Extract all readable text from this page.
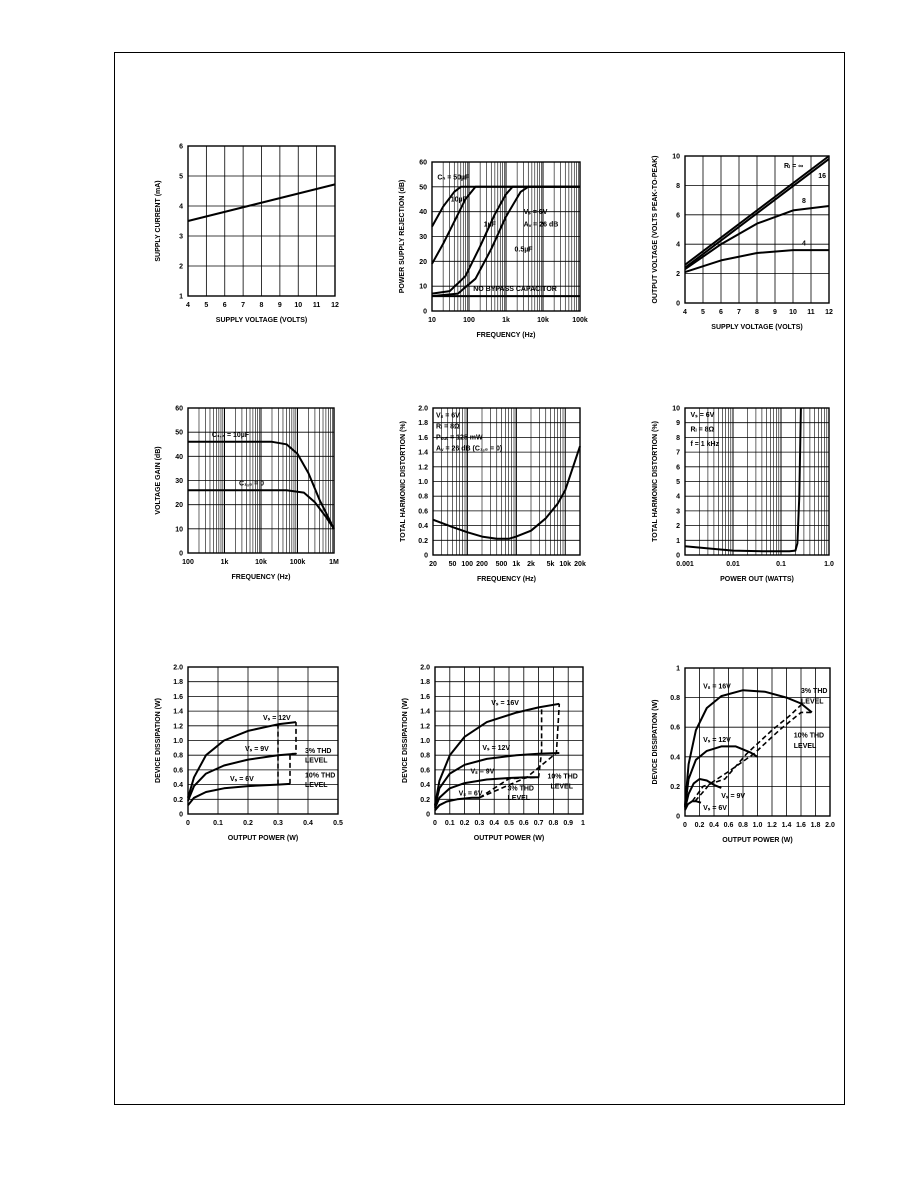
4 5 6 7 8 9 10 11 12
1
2
3
4
5
6
SUPPLY VOLTAGE (VOLTS)
SUPPLY CURRENT (mA)
10	100	1k	10k	100k
0
10
20
30
40
50
60
FREQUENCY (Hz)
POWER SUPPLY REJECTION (dB)
Cₙ = 50µF
10µF
1µF
Vₛ = 6V
Aᵥ = 26 dB
0.5µF
NO BYPASS CAPACITOR
4 5 6 7 8 9 10 11 12
0
2
4
6
8
10
SUPPLY VOLTAGE (VOLTS)
OUTPUT VOLTAGE (VOLTS PEAK-TO-PEAK)	Rₗ = ∞
16
8
4
100	1k	10k	100k	1M
0
10
20
30
40
50
60
FREQUENCY (Hz)
VOLTAGE GAIN (dB)
C₁,₈ = 10µF
C₁,₈ = 0
20 50 100 200 500 1k 2k 5k 10k 20k
0
0.2
0.4
0.6
0.8
1.0
1.2
1.4
1.6
1.8
2.0
FREQUENCY (Hz)
TOTAL HARMONIC DISTORTION (%)
Vₛ = 6V
Rₗ = 8Ω
Pₒᵤₜ = 125 mW
Aᵥ = 26 dB (C₁,₈ = 0)
0.001	0.01	0.1	1.0
0
1
2
3
4
5
6
7
8
9
10
POWER OUT (WATTS)
TOTAL HARMONIC DISTORTION (%)
Vₛ = 6V
Rₗ = 8Ω
f = 1 kHz
0	0.1	0.2	0.3	0.4	0.5
0
0.2
0.4
0.6
0.8
1.0
1.2
1.4
1.6
1.8
2.0
OUTPUT POWER (W)
DEVICE DISSIPATION (W)	Vₛ = 12V
Vₛ = 9V
Vₛ = 6V
3% THD
LEVEL
10% THD
LEVEL
0 0.1 0.2 0.3 0.4 0.5 0.6 0.7 0.8 0.9 1
0
0.2
0.4
0.6
0.8
1.0
1.2
1.4
1.6
1.8
2.0
OUTPUT POWER (W)
DEVICE DISSIPATION (W)	Vₛ = 16V
Vₛ = 12V
Vₛ = 9V
Vₛ = 6V
10% THD
LEVEL
3% THD
LEVEL
0 0.2 0.4 0.6 0.8 1.0 1.2 1.4 1.6 1.8 2.0
0
0.2
0.4
0.6
0.8
1
OUTPUT POWER (W)
DEVICE DISSIPATION (W)
Vₛ = 16V
Vₛ = 12V
Vₛ = 9V
Vₛ = 6V
3% THD
LEVEL
10% THD
LEVEL
